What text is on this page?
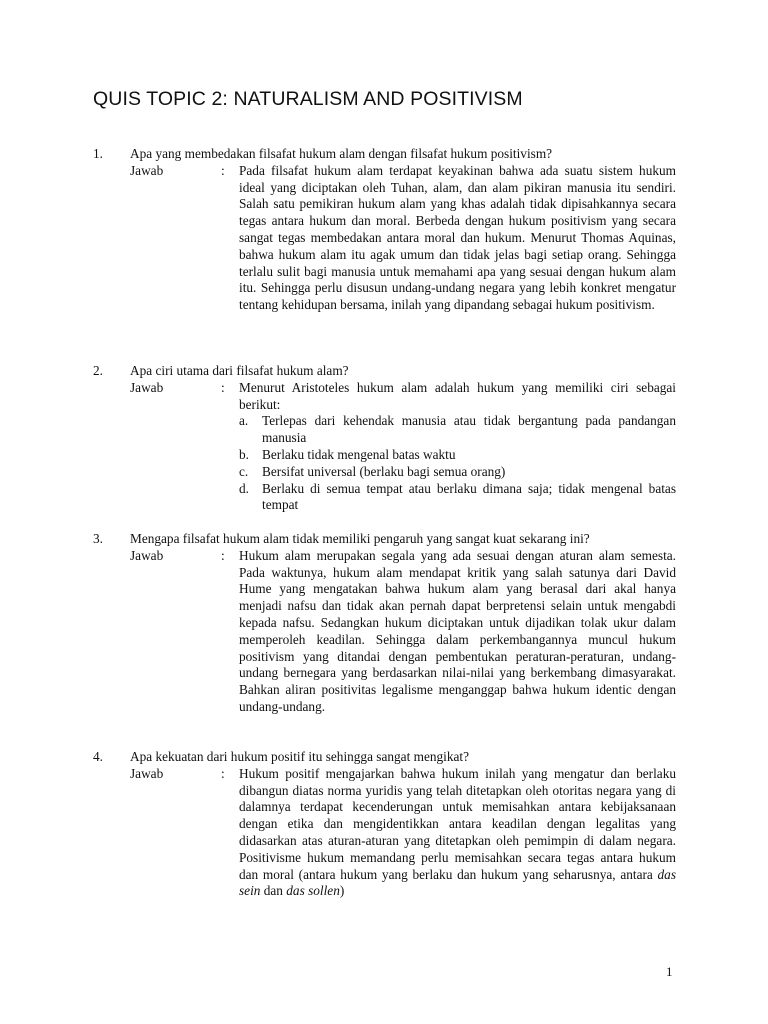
QUIS TOPIC 2: NATURALISM AND POSITIVISM
1. Apa yang membedakan filsafat hukum alam dengan filsafat hukum positivism?
Jawab	: Pada filsafat hukum alam terdapat keyakinan bahwa ada suatu sistem hukum ideal yang diciptakan oleh Tuhan, alam, dan alam pikiran manusia itu sendiri. Salah satu pemikiran hukum alam yang khas adalah tidak dipisahkannya secara tegas antara hukum dan moral. Berbeda dengan hukum positivism yang secara sangat tegas membedakan antara moral dan hukum. Menurut Thomas Aquinas, bahwa hukum alam itu agak umum dan tidak jelas bagi setiap orang. Sehingga terlalu sulit bagi manusia untuk memahami apa yang sesuai dengan hukum alam itu. Sehingga perlu disusun undang-undang negara yang lebih konkret mengatur tentang kehidupan bersama, inilah yang dipandang sebagai hukum positivism.
2. Apa ciri utama dari filsafat hukum alam?
Jawab	: Menurut Aristoteles hukum alam adalah hukum yang memiliki ciri sebagai berikut:
a. Terlepas dari kehendak manusia atau tidak bergantung pada pandangan manusia
b. Berlaku tidak mengenal batas waktu
c. Bersifat universal (berlaku bagi semua orang)
d. Berlaku di semua tempat atau berlaku dimana saja; tidak mengenal batas tempat
3. Mengapa filsafat hukum alam tidak memiliki pengaruh yang sangat kuat sekarang ini?
Jawab	: Hukum alam merupakan segala yang ada sesuai dengan aturan alam semesta. Pada waktunya, hukum alam mendapat kritik yang salah satunya dari David Hume yang mengatakan bahwa hukum alam yang berasal dari akal hanya menjadi nafsu dan tidak akan pernah dapat berpretensi selain untuk mengabdi kepada nafsu. Sedangkan hukum diciptakan untuk dijadikan tolak ukur dalam memperoleh keadilan. Sehingga dalam perkembangannya muncul hukum positivism yang ditandai dengan pembentukan peraturan-peraturan, undang-undang bernegara yang berdasarkan nilai-nilai yang berkembang dimasyarakat. Bahkan aliran positivitas legalisme menganggap bahwa hukum identic dengan undang-undang.
4. Apa kekuatan dari hukum positif itu sehingga sangat mengikat?
Jawab	: Hukum positif mengajarkan bahwa hukum inilah yang mengatur dan berlaku dibangun diatas norma yuridis yang telah ditetapkan oleh otoritas negara yang di dalamnya terdapat kecenderungan untuk memisahkan antara kebijaksanaan dengan etika dan mengidentikkan antara keadilan dengan legalitas yang didasarkan atas aturan-aturan yang ditetapkan oleh pemimpin di dalam negara. Positivisme hukum memandang perlu memisahkan secara tegas antara hukum dan moral (antara hukum yang berlaku dan hukum yang seharusnya, antara das sein dan das sollen)
1
